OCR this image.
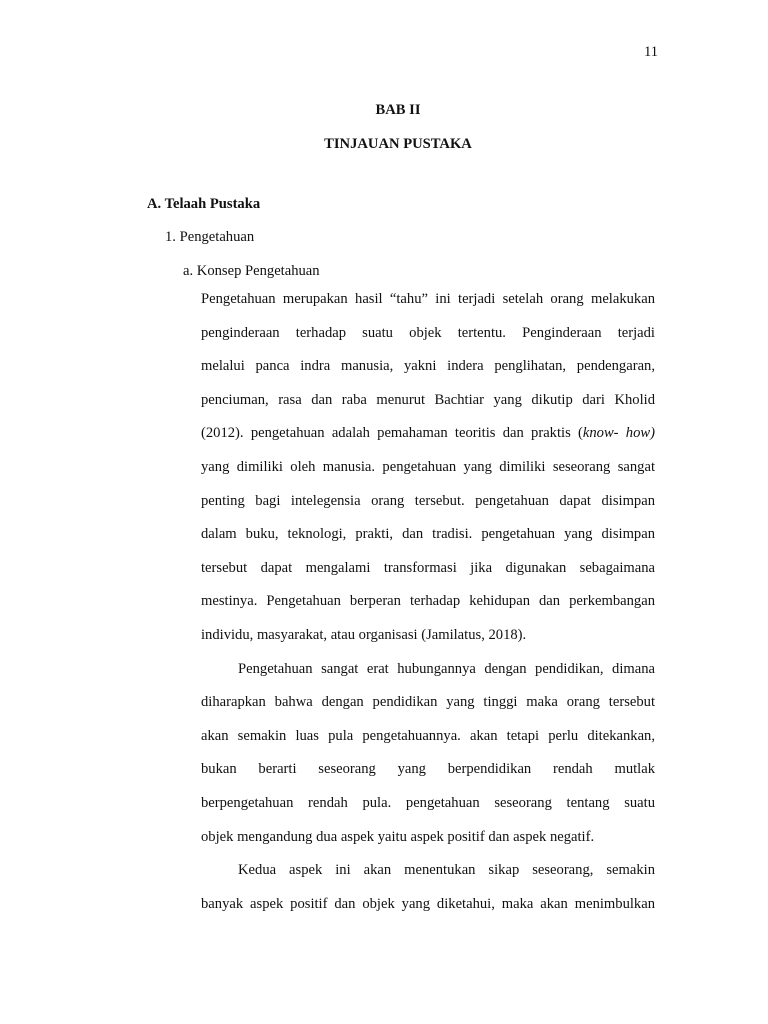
11
BAB II
TINJAUAN PUSTAKA
A. Telaah Pustaka
1. Pengetahuan
a. Konsep Pengetahuan

Pengetahuan merupakan hasil “tahu” ini terjadi setelah orang melakukan
penginderaan terhadap suatu objek tertentu. Penginderaan terjadi
melalui panca indra manusia, yakni indera penglihatan, pendengaran,
penciuman, rasa dan raba menurut Bachtiar yang dikutip dari Kholid
(2012). pengetahuan adalah pemahaman teoritis dan praktis (know- how)
yang dimiliki oleh manusia. pengetahuan yang dimiliki seseorang sangat
penting bagi intelegensia orang tersebut. pengetahuan dapat disimpan
dalam buku, teknologi, prakti, dan tradisi. pengetahuan yang disimpan
tersebut dapat mengalami transformasi jika digunakan sebagaimana
mestinya. Pengetahuan berperan terhadap kehidupan dan perkembangan
individu, masyarakat, atau organisasi (Jamilatus, 2018).

Pengetahuan sangat erat hubungannya dengan pendidikan, dimana
diharapkan bahwa dengan pendidikan yang tinggi maka orang tersebut
akan semakin luas pula pengetahuannya. akan tetapi perlu ditekankan,
bukan berarti seseorang yang berpendidikan rendah mutlak
berpengetahuan rendah pula. pengetahuan seseorang tentang suatu
objek mengandung dua aspek yaitu aspek positif dan aspek negatif.

Kedua aspek ini akan menentukan sikap seseorang, semakin
banyak aspek positif dan objek yang diketahui, maka akan menimbulkan
